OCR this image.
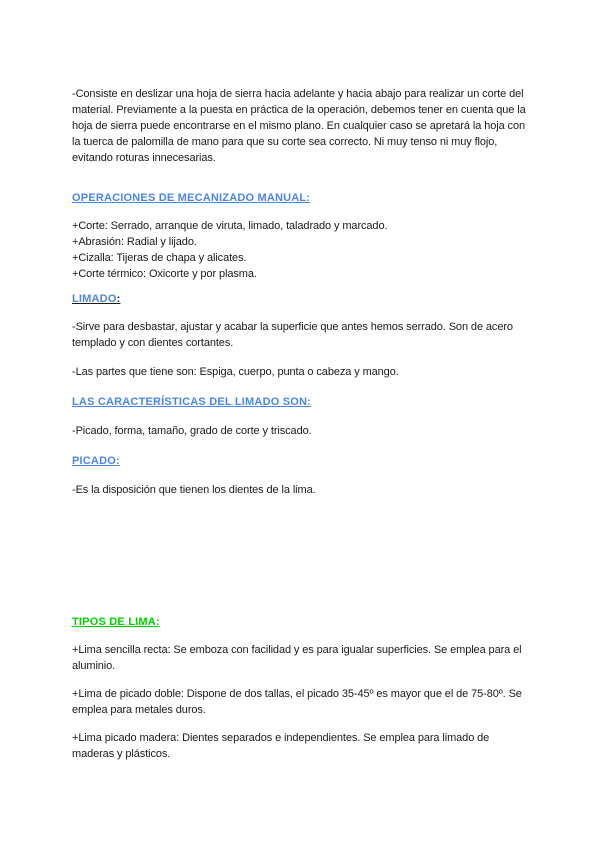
-Consiste en deslizar una hoja de sierra hacia adelante y hacia abajo para realizar un corte del material. Previamente a la puesta en práctica de la operación, debemos tener en cuenta que la hoja de sierra puede encontrarse en el mismo plano. En cualquier caso se apretará la hoja con la tuerca de palomilla de mano para que su corte sea correcto. Ni muy tenso ni muy flojo, evitando roturas innecesarias.
OPERACIONES DE MECANIZADO MANUAL:
+Corte: Serrado, arranque de viruta, limado, taladrado y marcado.
+Abrasión: Radial y lijado.
+Cizalla: Tijeras de chapa y alicates.
+Corte térmico: Oxicorte y por plasma.
LIMADO:
-Sirve para desbastar, ajustar y acabar la superficie que antes hemos serrado. Son de acero templado y con dientes cortantes.
-Las partes que tiene son: Espiga, cuerpo, punta o cabeza y mango.
LAS CARACTERÍSTICAS DEL LIMADO SON:
-Picado, forma, tamaño, grado de corte y triscado.
PICADO:
-Es la disposición que tienen los dientes de la lima.
TIPOS DE LIMA:
+Lima sencilla recta: Se emboza con facilidad y es para igualar superficies. Se emplea para el aluminio.
+Lima de picado doble: Dispone de dos tallas, el picado 35-45º es mayor que el de 75-80º. Se emplea para metales duros.
+Lima picado madera: Dientes separados e independientes. Se emplea para limado de maderas y plásticos.
